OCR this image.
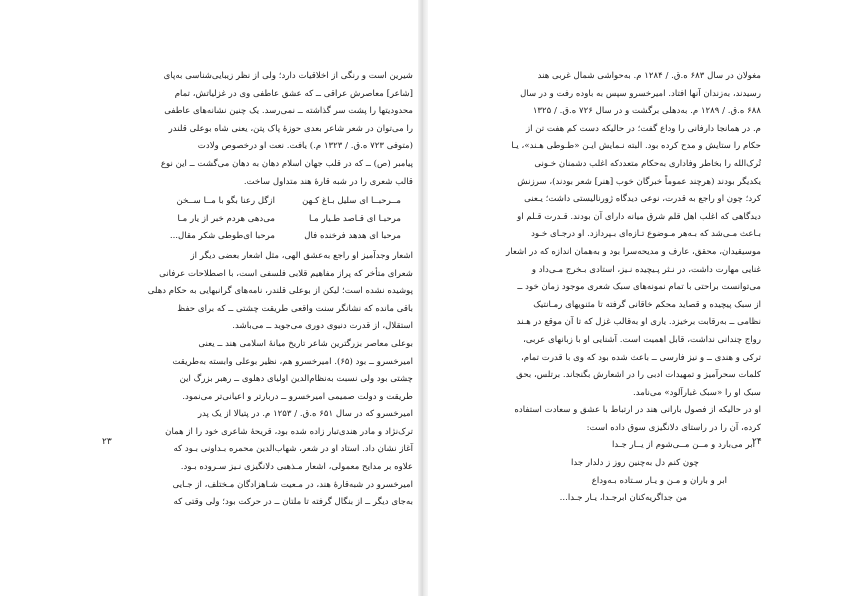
شیرین است و رنگی از اخلاقیات دارد؛ ولی از نظر زیبایی‌شناسی به‌پای

[شاعر] معاصرش عراقی ــ که عشق عاطفی وی در غزلیاتش، تمام

محدودیتها را پشت سر گذاشته ــ نمی‌رسد. یک چنین نشانه‌های عاطفی

را می‌توان در شعر شاعر بعدی حوزهٔ پاک پتن، یعنی شاه بوعلی قلندر

(متوفی ۷۲۳ ه‌.ق. / ۱۳۲۳ م.) یافت. نعت او درخصوص ولادت

پیامبر (ص) ــ که در قلب جهان اسلام دهان به دهان می‌گشت ــ این نوع

قالب شعری را در شبه قارهٔ هند متداول ساخت.

مــرحبــا ای سلیل بـاغ کـهن
ازگل رعنا بگو با مــا ســخن
مرحبـا ای قـاصد طـیار مـا
می‌دهی هردم خبر از یار مـا
مرحبا ای هدهد فرخنده فال
مرحبا ای‌طوطی شکر مقال...

اشعار وجدآمیز او راجع به‌عشق الهی، مثل اشعار بعضی دیگر از

شعرای متأخر که پراز مفاهیم قلابی فلسفی است، با اصطلاحات عرفانی

پوشیده نشده است؛ لیکن از بوعلی قلندر، نامه‌های گرانبهایی به حکام دهلی

باقی مانده که نشانگر سنت واقعی طریقت چشتی ــ که برای حفظ

استقلال، از قدرت دنیوی دوری می‌جوید ــ می‌باشد.

بوعلی معاصر بزرگترین شاعر تاریخ میانهٔ اسلامی هند ــ یعنی

امیرخسرو ــ بود (۶۵). امیرخسرو هم، نظیر بوعلی وابسته به‌طریقت

چشتی بود ولی نسبت به‌نظام‌الدین اولیای دهلوی ــ رهبر بزرگ این

طریقت و دولت صمیمی امیرخسرو ــ دربارتر و اعیانی‌تر می‌نمود.

امیرخسرو که در سال ۶۵۱ ه‌.ق. / ۱۲۵۳ م. در پتیالا از یک پدر

ترک‌نژاد و مادر هندی‌تبار زاده شده بود، قریحهٔ شاعری خود را از همان

آغاز نشان داد. استاد او در شعر، شهاب‌الدین محمره بـداونی بـود که

علاوه بر مدایح معمولی، اشعار مـذهبی دلانگیزی نـیز سـروده بـود.

امیرخسرو در شبه‌قارهٔ هند، در مـعیت شـاهزادگان مـختلف، از جـایی

به‌جای دیگر ــ از بنگال گرفته تا ملتان ــ در حرکت بود؛ ولی وقتی که

مغولان در سال ۶۸۳ ه‌.ق. / ۱۲۸۴ م. به‌حواشی شمال غربی هند

رسیدند، به‌زندان آنها افتاد. امیرخسرو سپس به باوده رفت و در سال

۶۸۸ ه‌.ق. / ۱۲۸۹ م. به‌دهلی برگشت و در سال ۷۲۶ ه‌.ق. / ۱۳۲۵

م. در همانجا دارفانی را وداع گفت؛ در حالیکه دست کم هفت تن از

حکام را ستایش و مدح کرده بود. البته نـمایش ایـن «طـوطی هـند»، یـا

تُرک‌الله را بخاطر وفاداری به‌حکام متعددکه اغلب دشمنان خـونی

یکدیگر بودند (هرچند عموماً خبرگان خوب [هنر] شعر بودند)، سرزنش

کرد؛ چون او راجع به قدرت، نوعی دیدگاه ژورنالیستی داشت؛ یـعنی

دیدگاهی که اغلب اهل قلم شرق میانه دارای آن بودند. قـدرت قـلم او

بـاعث مـی‌شد که بـه‌هر مـوضوع تـازه‌ای بـپردازد. او درجـای خـود

موسیقیدان، محقق، عارف و مدیحه‌سرا بود و به‌همان اندازه که در اشعار

غنایی مهارت داشت، در نـثر پـیچیده نـیز، استادی بـخرج مـی‌داد و

می‌توانست براحتی با تمام نمونه‌های سبک شعری موجود زمان خود ــ

از سبک پیچیده و قصاید محکم خاقانی گرفته تا مثنویهای رمـانتیک

نظامی ــ به‌رقابت برخیزد. یاری او به‌قالب غزل که تا آن موقع در هـند

رواج چندانی نداشت، قابل اهمیت است. آشنایی او با زبانهای عربی،

ترکی و هندی ــ و نیز فارسی ــ باعث شده بود که وی با قدرت تمام،

کلمات سحرآمیز و تمهیدات ادبی را در اشعارش بگنجاند. برتلس، بحق

سبک او را «سبک غبارآلود» می‌نامد.

او در حالیکه از فصول بارانی هند در ارتباط با عشق و سعادت استفاده

کرده، آن را در راستای دلانگیزی سوق داده است:

ابر می‌بارد و مــن مــی‌شوم از یــار جـدا
چون کنم دل به‌چنین روز ز دلدار جدا
ابر و باران و مـن و یـار سـتاده بـه‌وداع
من جداگریه‌کنان ابرجـدا، یـار جـدا...
۲۳	۲۴
